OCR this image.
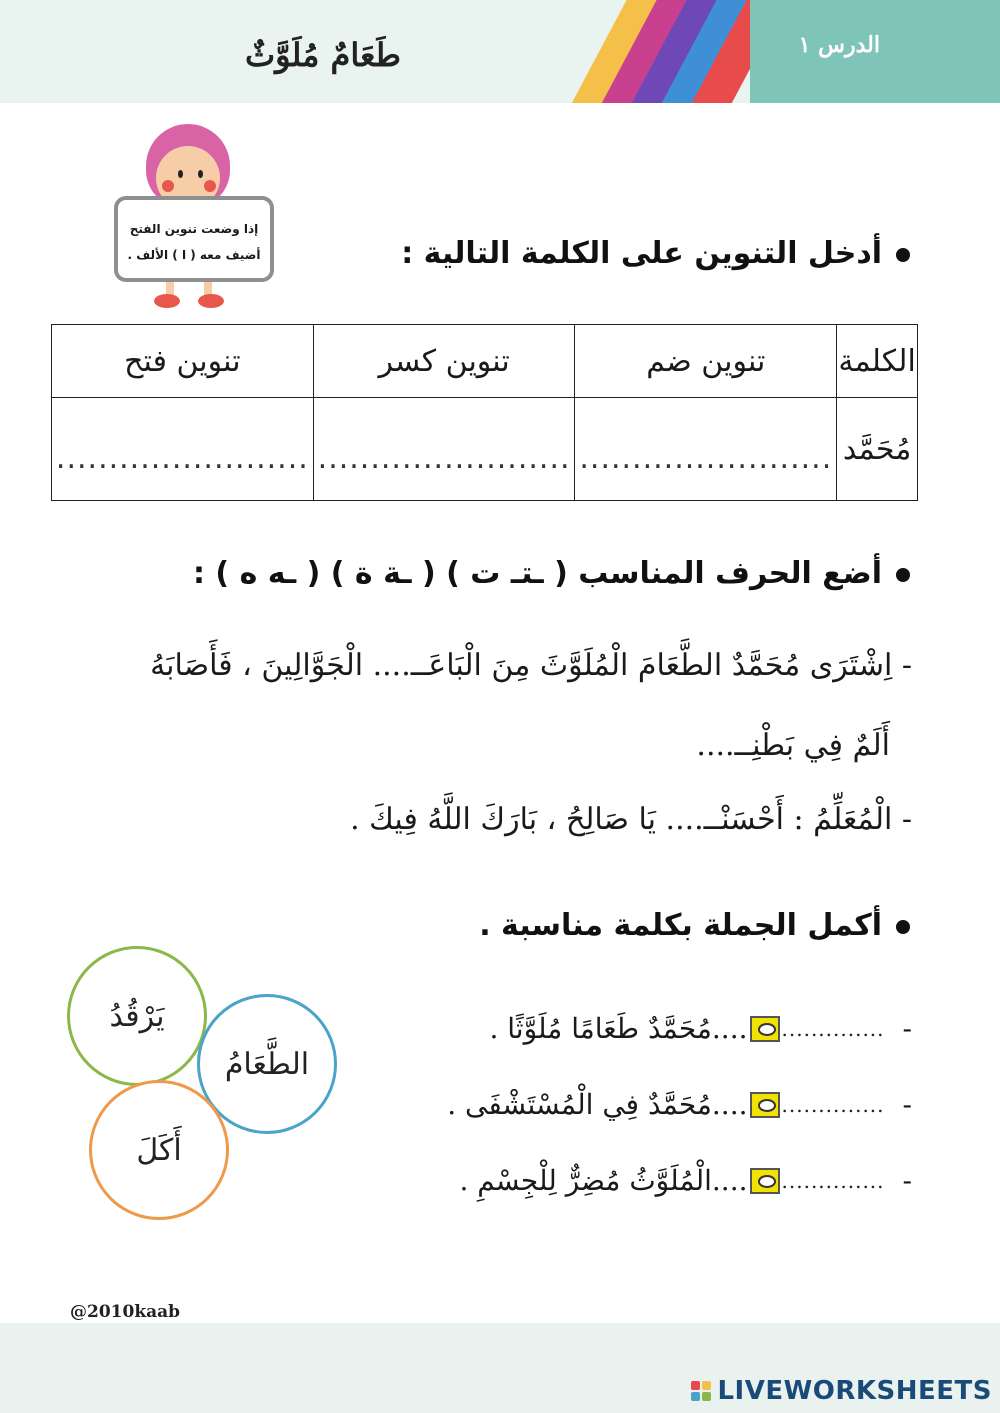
الدرس ١
طَعَامٌ مُلَوَّثٌ
إذا وضعت تنوين الفتح
أضيف معه ( ا ) الألف .	أدخل التنوين على الكلمة التالية :
الكلمة	تنوين ضم	تنوين كسر	تنوين فتح
مُحَمَّد	........................	........................	........................
أضع الحرف المناسب ( ـتـ ت ) ( ـة ة ) ( ـه ه ) :
- اِشْتَرَى مُحَمَّدٌ الطَّعَامَ الْمُلَوَّثَ مِنَ الْبَاعَــ.... الْجَوَّالِينَ ، فَأَصَابَهُ
أَلَمٌ فِي بَطْنِــ....
- الْمُعَلِّمُ : أَحْسَنْــ.... يَا صَالِحُ ، بَارَكَ اللَّهُ فِيكَ .
أكمل الجملة بكلمة مناسبة .
يَرْقُدُ
الطَّعَامُ
أَكَلَ
-
..............
....مُحَمَّدٌ طَعَامًا مُلَوَّثًا .
-
..............
....مُحَمَّدٌ فِي الْمُسْتَشْفَى .
-
..............
....الْمُلَوَّثُ مُضِرٌّ لِلْجِسْمِ .
@2010kaab
LIVEWORKSHEETS
